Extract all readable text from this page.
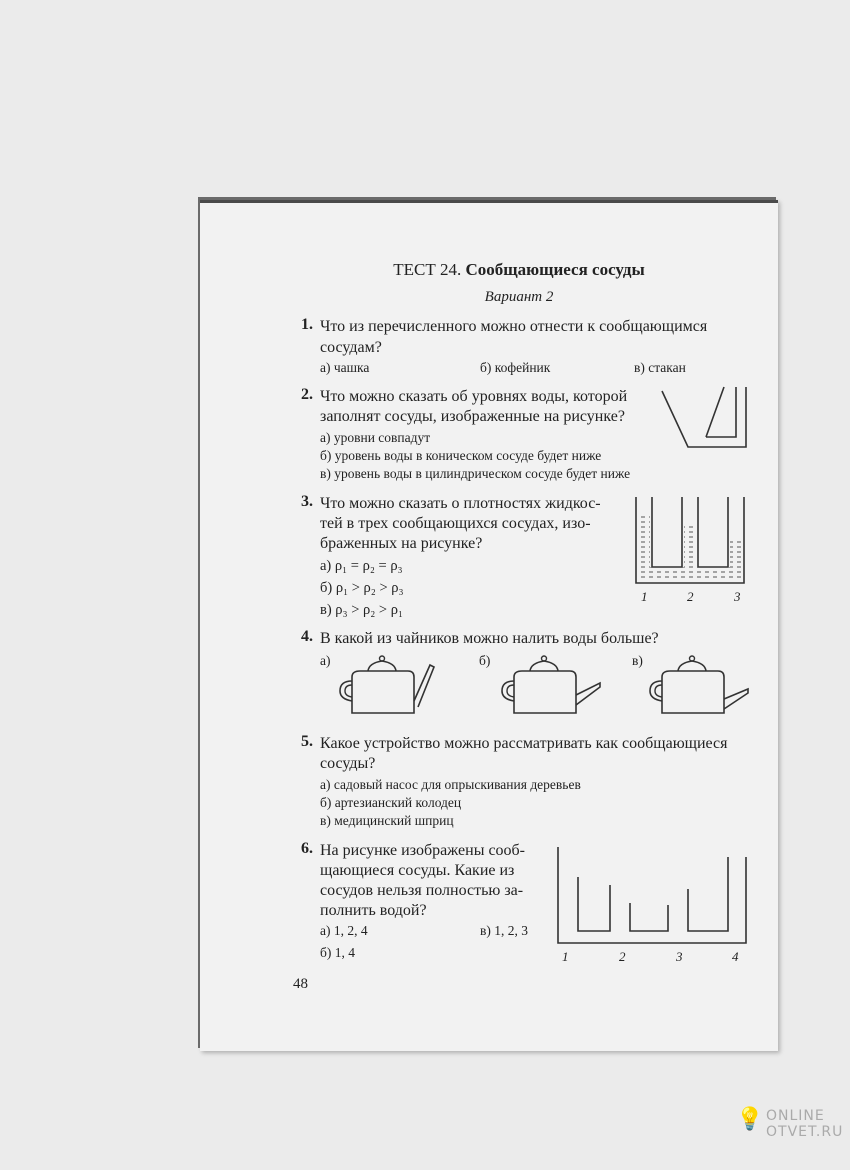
ТЕСТ 24. Сообщающиеся сосуды
Вариант 2
1. Что из перечисленного можно отнести к сообщающимся
сосудам?
а) чашка	б) кофейник	в) стакан
2. Что можно сказать об уровнях воды, которой
заполнят сосуды, изображенные на рисунке?
а) уровни совпадут
б) уровень воды в коническом сосуде будет ниже
в) уровень воды в цилиндрическом сосуде будет ниже
3. Что можно сказать о плотностях жидкос-
тей в трех сообщающихся сосудах, изо-
браженных на рисунке?
а) ρ₁ = ρ₂ = ρ₃
б) ρ₁ > ρ₂ > ρ₃
в) ρ₃ > ρ₂ > ρ₁
1	2	3
4. В какой из чайников можно налить воды больше?
а)	б)	в)
5. Какое устройство можно рассматривать как сообщающиеся
сосуды?
а) садовый насос для опрыскивания деревьев
б) артезианский колодец
в) медицинский шприц
6. На рисунке изображены сооб-
щающиеся сосуды. Какие из
сосудов нельзя полностью за-
полнить водой?
а) 1, 2, 4	в) 1, 2, 3
б) 1, 4	1	2	3	4
48
💡 ONLINE
OTVET.RU
